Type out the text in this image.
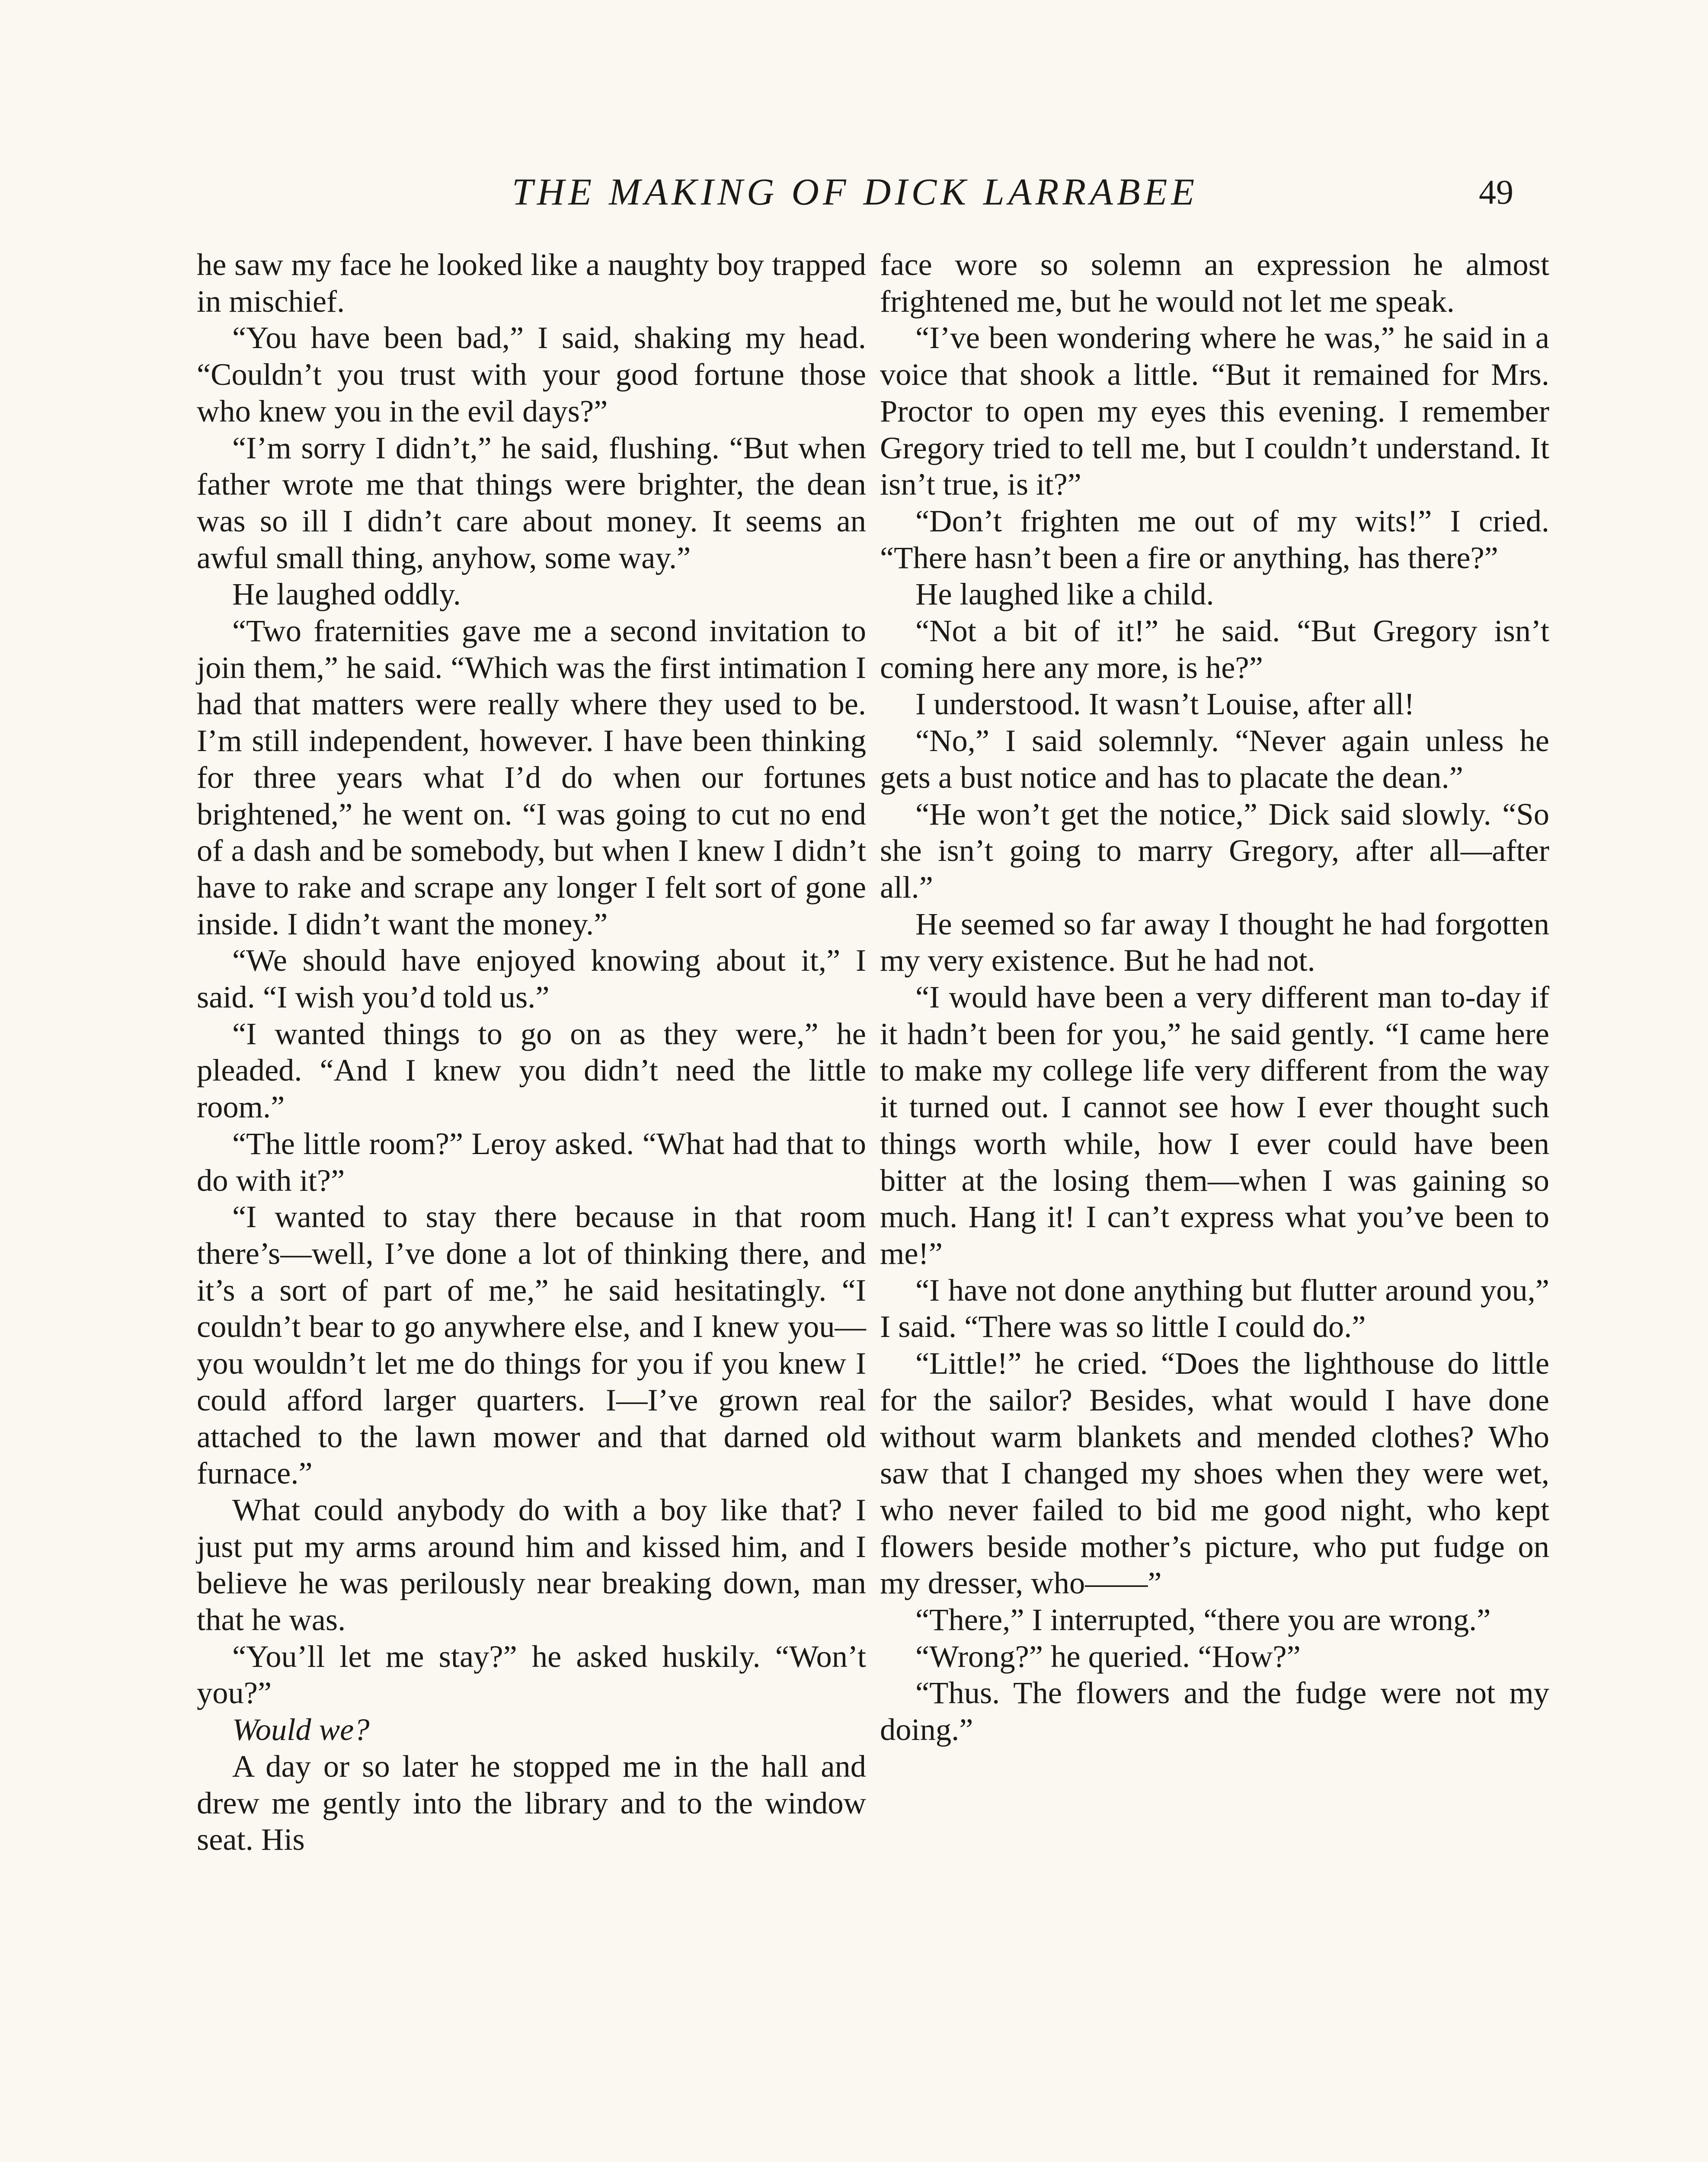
THE MAKING OF DICK LARRABEE	49

he saw my face he looked like a naughty boy trapped in mischief.

“You have been bad,” I said, shaking my head. “Couldn’t you trust with your good fortune those who knew you in the evil days?”

“I’m sorry I didn’t,” he said, flushing. “But when father wrote me that things were brighter, the dean was so ill I didn’t care about money. It seems an awful small thing, anyhow, some way.”

He laughed oddly.

“Two fraternities gave me a second invitation to join them,” he said. “Which was the first intimation I had that matters were really where they used to be. I’m still independent, however. I have been thinking for three years what I’d do when our fortunes brightened,” he went on. “I was going to cut no end of a dash and be somebody, but when I knew I didn’t have to rake and scrape any longer I felt sort of gone inside. I didn’t want the money.”

“We should have enjoyed knowing about it,” I said. “I wish you’d told us.”

“I wanted things to go on as they were,” he pleaded. “And I knew you didn’t need the little room.”

“The little room?” Leroy asked. “What had that to do with it?”

“I wanted to stay there because in that room there’s—well, I’ve done a lot of thinking there, and it’s a sort of part of me,” he said hesitatingly. “I couldn’t bear to go anywhere else, and I knew you—you wouldn’t let me do things for you if you knew I could afford larger quarters. I—I’ve grown real attached to the lawn mower and that darned old furnace.”

What could anybody do with a boy like that? I just put my arms around him and kissed him, and I believe he was perilously near breaking down, man that he was.

“You’ll let me stay?” he asked huskily. “Won’t you?”

Would we?

A day or so later he stopped me in the hall and drew me gently into the library and to the window seat. His

face wore so solemn an expression he almost frightened me, but he would not let me speak.

“I’ve been wondering where he was,” he said in a voice that shook a little. “But it remained for Mrs. Proctor to open my eyes this evening. I remember Gregory tried to tell me, but I couldn’t understand. It isn’t true, is it?”

“Don’t frighten me out of my wits!” I cried. “There hasn’t been a fire or anything, has there?”

He laughed like a child.

“Not a bit of it!” he said. “But Gregory isn’t coming here any more, is he?”

I understood. It wasn’t Louise, after all!

“No,” I said solemnly. “Never again unless he gets a bust notice and has to placate the dean.”

“He won’t get the notice,” Dick said slowly. “So she isn’t going to marry Gregory, after all—after all.”

He seemed so far away I thought he had forgotten my very existence. But he had not.

“I would have been a very different man to-day if it hadn’t been for you,” he said gently. “I came here to make my college life very different from the way it turned out. I cannot see how I ever thought such things worth while, how I ever could have been bitter at the losing them—when I was gaining so much. Hang it! I can’t express what you’ve been to me!”

“I have not done anything but flutter around you,” I said. “There was so little I could do.”

“Little!” he cried. “Does the lighthouse do little for the sailor? Besides, what would I have done without warm blankets and mended clothes? Who saw that I changed my shoes when they were wet, who never failed to bid me good night, who kept flowers beside mother’s picture, who put fudge on my dresser, who——”

“There,” I interrupted, “there you are wrong.”

“Wrong?” he queried. “How?”

“Thus. The flowers and the fudge were not my doing.”
